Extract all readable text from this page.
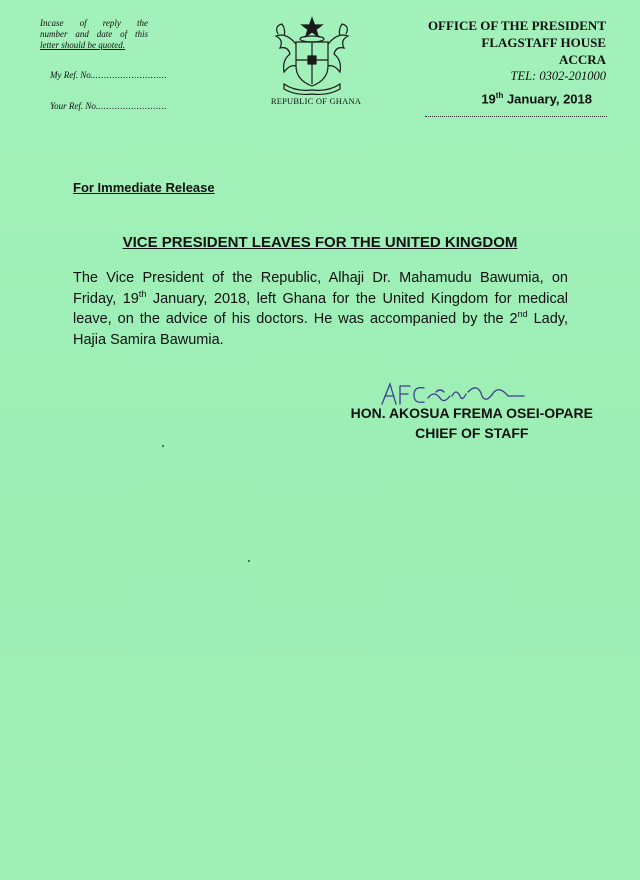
Incase of reply the
number and date of this
letter should be quoted.
My Ref. No............................
Your Ref. No..........................	REPUBLIC OF GHANA
OFFICE OF THE PRESIDENT
FLAGSTAFF HOUSE
ACCRA
TEL: 0302-201000
19th January, 2018
For Immediate Release
VICE PRESIDENT LEAVES FOR THE UNITED KINGDOM
The Vice President of the Republic, Alhaji Dr. Mahamudu Bawumia, on Friday, 19th January, 2018, left Ghana for the United Kingdom for medical leave, on the advice of his doctors. He was accompanied by the 2nd Lady, Hajia Samira Bawumia.
HON. AKOSUA FREMA OSEI-OPARE
CHIEF OF STAFF
